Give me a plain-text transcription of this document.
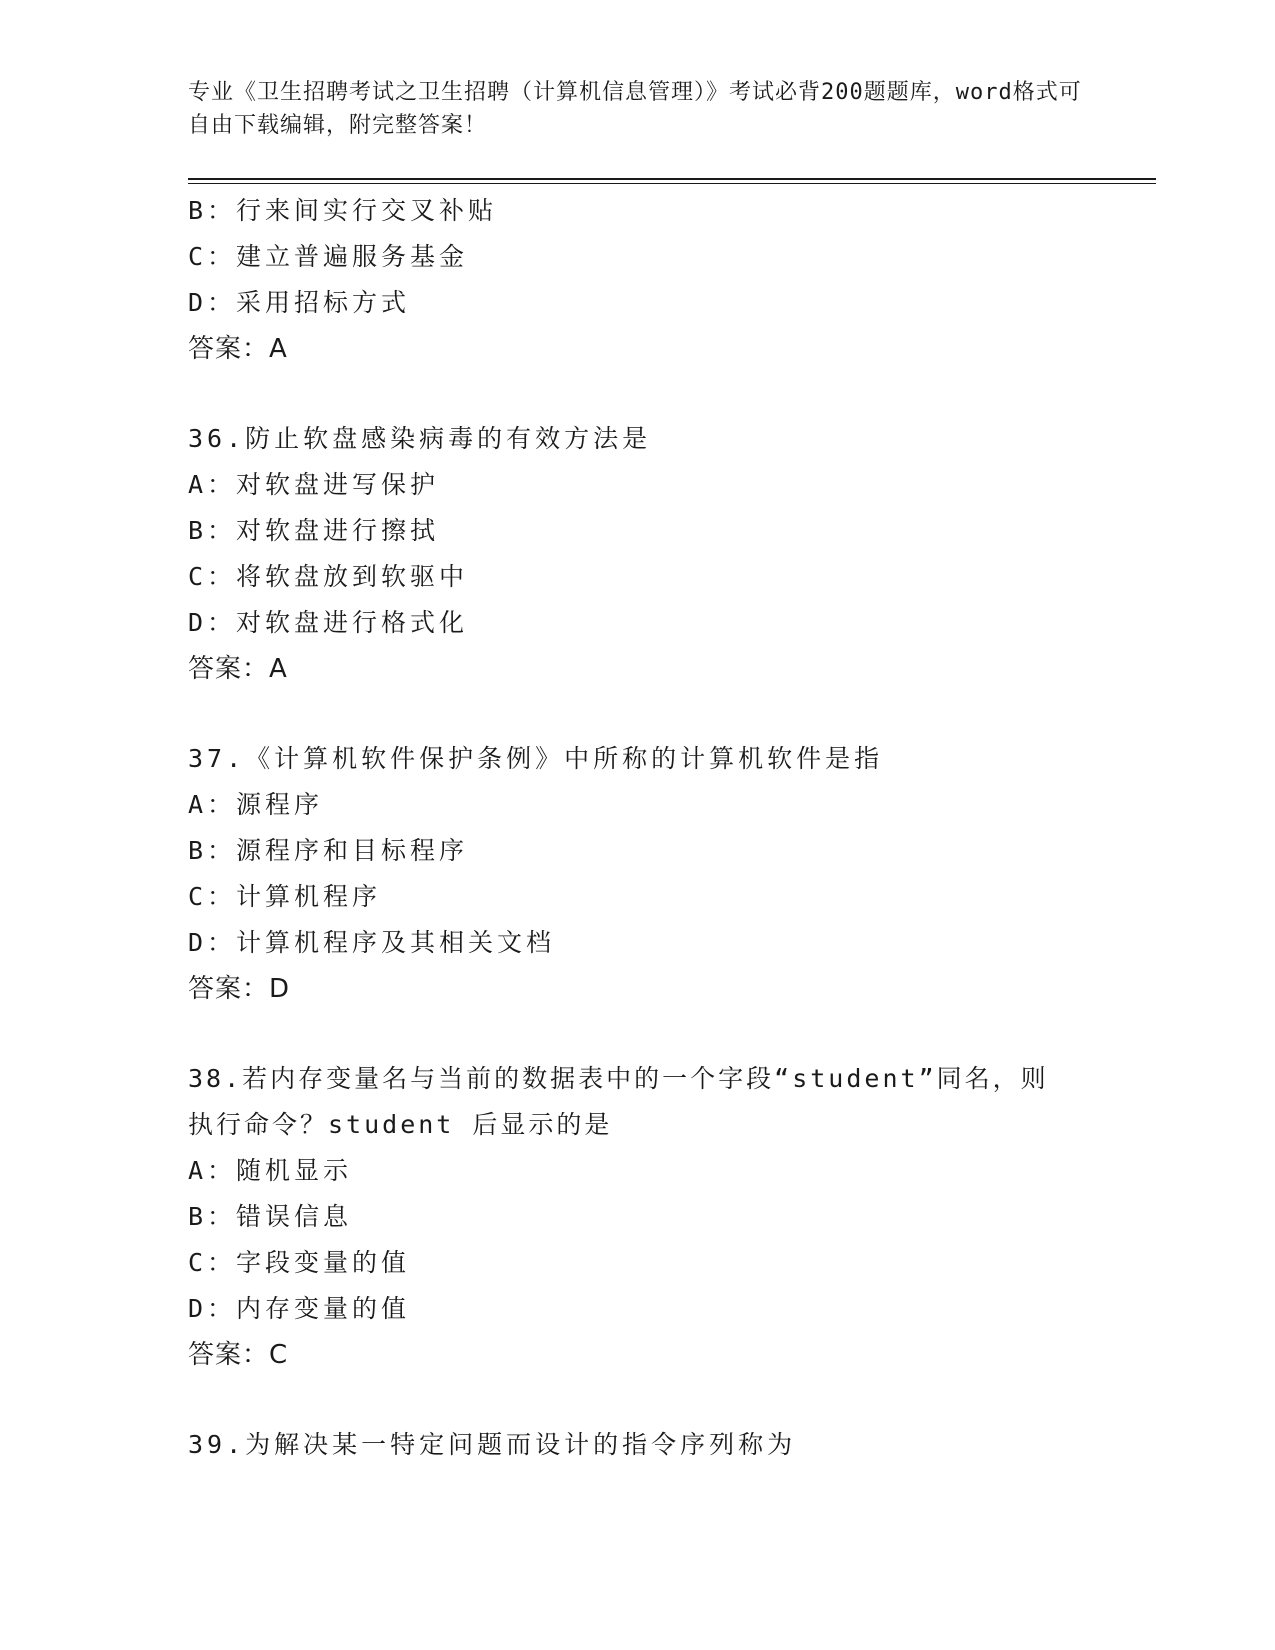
专业《卫生招聘考试之卫生招聘（计算机信息管理）》考试必背200题题库，word格式可自由下载编辑，附完整答案！
B：行来间实行交叉补贴
C：建立普遍服务基金
D：采用招标方式
答案：A
36.防止软盘感染病毒的有效方法是
A：对软盘进写保护
B：对软盘进行擦拭
C：将软盘放到软驱中
D：对软盘进行格式化
答案：A
37.《计算机软件保护条例》中所称的计算机软件是指
A：源程序
B：源程序和目标程序
C：计算机程序
D：计算机程序及其相关文档
答案：D
38.若内存变量名与当前的数据表中的一个字段“student”同名，则执行命令？student 后显示的是
A：随机显示
B：错误信息
C：字段变量的值
D：内存变量的值
答案：C
39.为解决某一特定问题而设计的指令序列称为
